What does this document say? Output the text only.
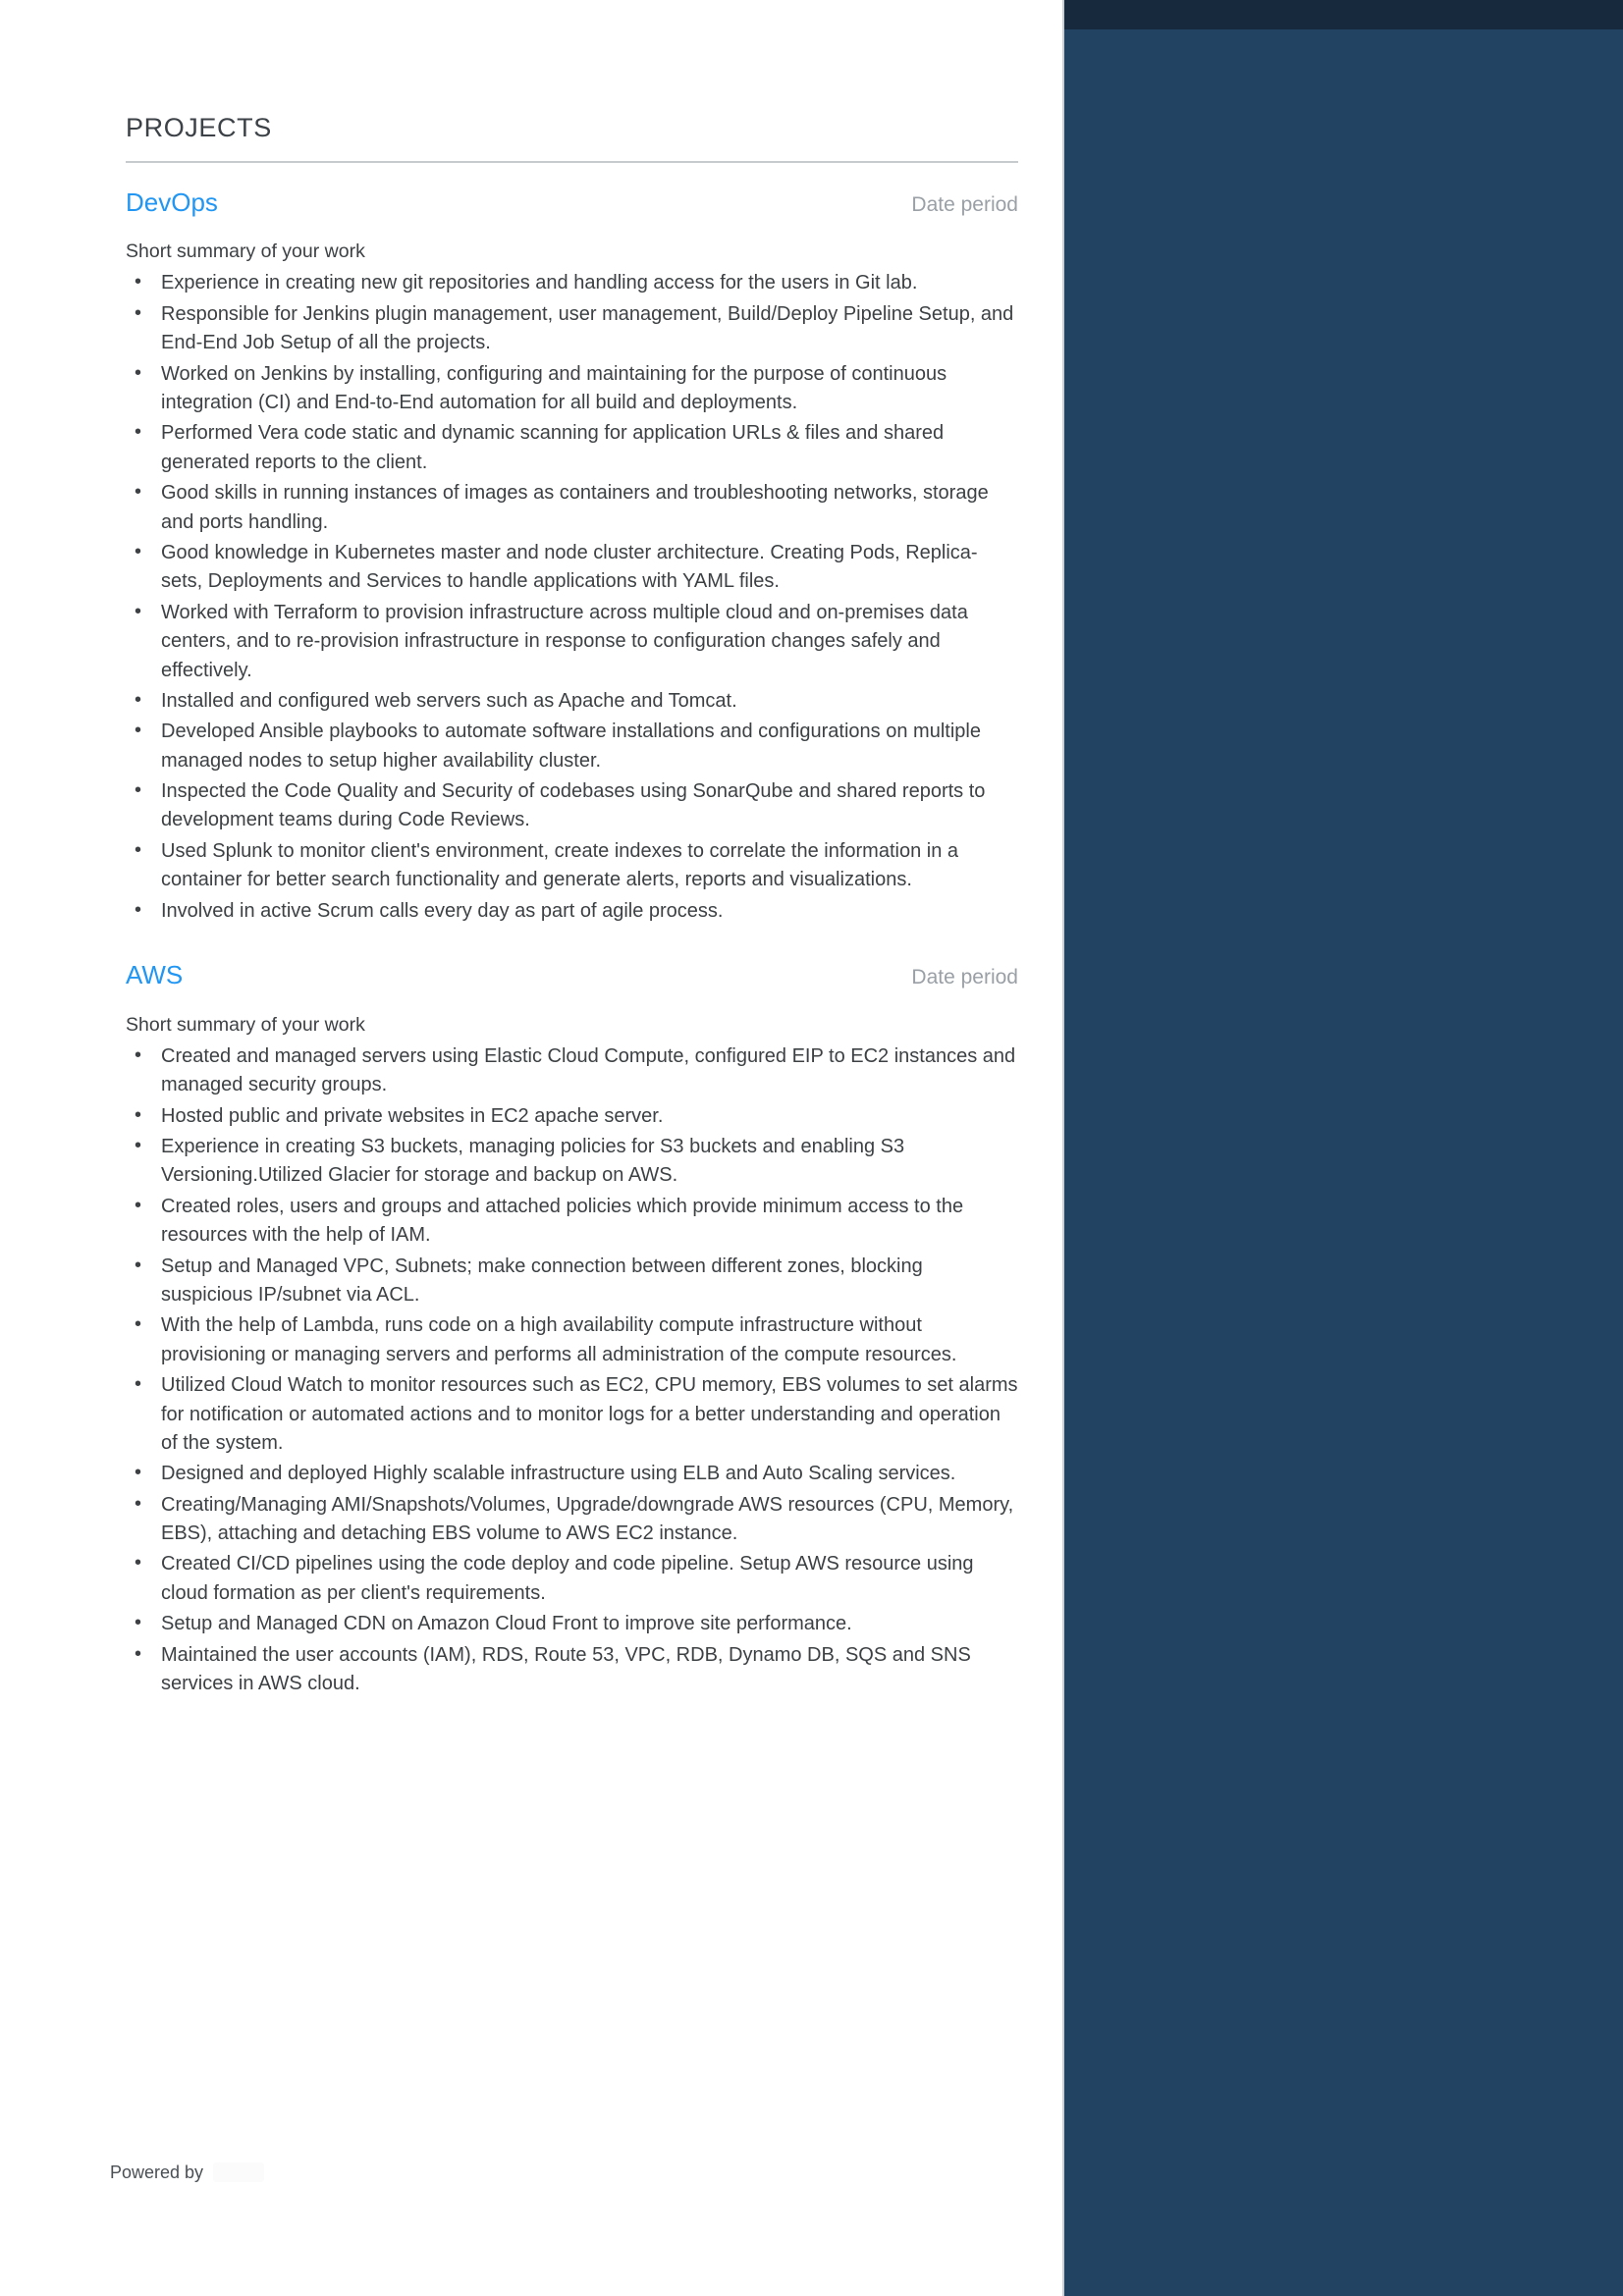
PROJECTS
DevOps	Date period
Short summary of your work
• Experience in creating new git repositories and handling access for the users in Git lab.
• Responsible for Jenkins plugin management, user management, Build/Deploy Pipeline Setup, and End-End Job Setup of all the projects.
• Worked on Jenkins by installing, configuring and maintaining for the purpose of continuous integration (CI) and End-to-End automation for all build and deployments.
• Performed Vera code static and dynamic scanning for application URLs & files and shared generated reports to the client.
• Good skills in running instances of images as containers and troubleshooting networks, storage and ports handling.
• Good knowledge in Kubernetes master and node cluster architecture. Creating Pods, Replica-sets, Deployments and Services to handle applications with YAML files.
• Worked with Terraform to provision infrastructure across multiple cloud and on-premises data centers, and to re-provision infrastructure in response to configuration changes safely and effectively.
• Installed and configured web servers such as Apache and Tomcat.
• Developed Ansible playbooks to automate software installations and configurations on multiple managed nodes to setup higher availability cluster.
• Inspected the Code Quality and Security of codebases using SonarQube and shared reports to development teams during Code Reviews.
• Used Splunk to monitor client's environment, create indexes to correlate the information in a container for better search functionality and generate alerts, reports and visualizations.
• Involved in active Scrum calls every day as part of agile process.
AWS	Date period
Short summary of your work
• Created and managed servers using Elastic Cloud Compute, configured EIP to EC2 instances and managed security groups.
• Hosted public and private websites in EC2 apache server.
• Experience in creating S3 buckets, managing policies for S3 buckets and enabling S3 Versioning.Utilized Glacier for storage and backup on AWS.
• Created roles, users and groups and attached policies which provide minimum access to the resources with the help of IAM.
• Setup and Managed VPC, Subnets; make connection between different zones, blocking suspicious IP/subnet via ACL.
• With the help of Lambda, runs code on a high availability compute infrastructure without provisioning or managing servers and performs all administration of the compute resources.
• Utilized Cloud Watch to monitor resources such as EC2, CPU memory, EBS volumes to set alarms for notification or automated actions and to monitor logs for a better understanding and operation of the system.
• Designed and deployed Highly scalable infrastructure using ELB and Auto Scaling services.
• Creating/Managing AMI/Snapshots/Volumes, Upgrade/downgrade AWS resources (CPU, Memory, EBS), attaching and detaching EBS volume to AWS EC2 instance.
• Created CI/CD pipelines using the code deploy and code pipeline. Setup AWS resource using cloud formation as per client's requirements.
• Setup and Managed CDN on Amazon Cloud Front to improve site performance.
• Maintained the user accounts (IAM), RDS, Route 53, VPC, RDB, Dynamo DB, SQS and SNS services in AWS cloud.
Powered by
